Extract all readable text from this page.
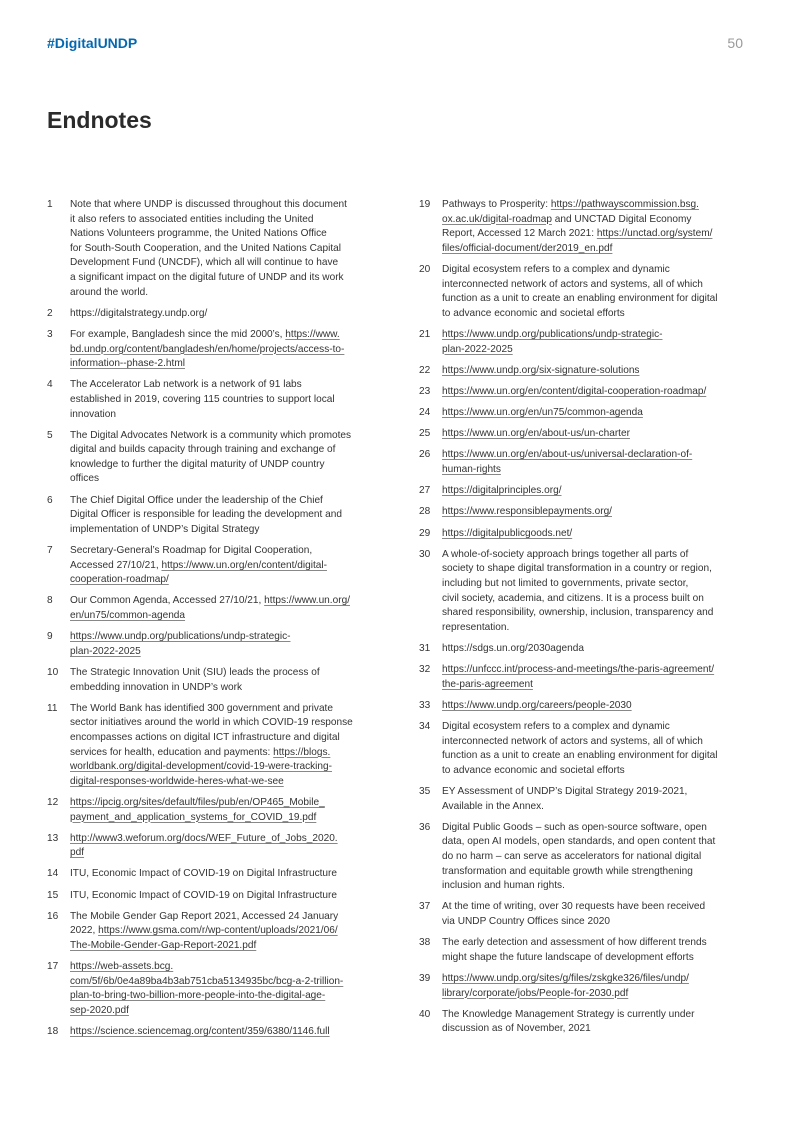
#DigitalUNDP	50
Endnotes
1	Note that where UNDP is discussed throughout this document
it also refers to associated entities including the United
Nations Volunteers programme, the United Nations Office
for South-South Cooperation, and the United Nations Capital
Development Fund (UNCDF), which all will continue to have
a significant impact on the digital future of UNDP and its work
around the world.
2	https://digitalstrategy.undp.org/
3	For example, Bangladesh since the mid 2000’s, https://www.
bd.undp.org/content/bangladesh/en/home/projects/access-to-
information--phase-2.html
4	The Accelerator Lab network is a network of 91 labs
established in 2019, covering 115 countries to support local
innovation
5	The Digital Advocates Network is a community which promotes
digital and builds capacity through training and exchange of
knowledge to further the digital maturity of UNDP country
offices
6	The Chief Digital Office under the leadership of the Chief
Digital Officer is responsible for leading the development and
implementation of UNDP’s Digital Strategy
7	Secretary-General’s Roadmap for Digital Cooperation,
Accessed 27/10/21, https://www.un.org/en/content/digital-
cooperation-roadmap/
8	Our Common Agenda, Accessed 27/10/21, https://www.un.org/
en/un75/common-agenda
9	https://www.undp.org/publications/undp-strategic-
plan-2022-2025
10	The Strategic Innovation Unit (SIU) leads the process of
embedding innovation in UNDP’s work
11	The World Bank has identified 300 government and private
sector initiatives around the world in which COVID-19 response
encompasses actions on digital ICT infrastructure and digital
services for health, education and payments: https://blogs.
worldbank.org/digital-development/covid-19-were-tracking-
digital-responses-worldwide-heres-what-we-see
12	https://ipcig.org/sites/default/files/pub/en/OP465_Mobile_
payment_and_application_systems_for_COVID_19.pdf
13	http://www3.weforum.org/docs/WEF_Future_of_Jobs_2020.
pdf
14	ITU, Economic Impact of COVID-19 on Digital Infrastructure
15	ITU, Economic Impact of COVID-19 on Digital Infrastructure
16	The Mobile Gender Gap Report 2021, Accessed 24 January
2022, https://www.gsma.com/r/wp-content/uploads/2021/06/
The-Mobile-Gender-Gap-Report-2021.pdf
17	https://web-assets.bcg.
com/5f/6b/0e4a89ba4b3ab751cba5134935bc/bcg-a-2-trillion-
plan-to-bring-two-billion-more-people-into-the-digital-age-
sep-2020.pdf
18	https://science.sciencemag.org/content/359/6380/1146.full
19	Pathways to Prosperity: https://pathwayscommission.bsg.
ox.ac.uk/digital-roadmap and UNCTAD Digital Economy
Report, Accessed 12 March 2021: https://unctad.org/system/
files/official-document/der2019_en.pdf
20	Digital ecosystem refers to a complex and dynamic
interconnected network of actors and systems, all of which
function as a unit to create an enabling environment for digital
to advance economic and societal efforts
21	https://www.undp.org/publications/undp-strategic-
plan-2022-2025
22	https://www.undp.org/six-signature-solutions
23	https://www.un.org/en/content/digital-cooperation-roadmap/
24	https://www.un.org/en/un75/common-agenda
25	https://www.un.org/en/about-us/un-charter
26	https://www.un.org/en/about-us/universal-declaration-of-
human-rights
27	https://digitalprinciples.org/
28	https://www.responsiblepayments.org/
29	https://digitalpublicgoods.net/
30	A whole-of-society approach brings together all parts of
society to shape digital transformation in a country or region,
including but not limited to governments, private sector,
civil society, academia, and citizens. It is a process built on
shared responsibility, ownership, inclusion, transparency and
representation.
31	https://sdgs.un.org/2030agenda
32	https://unfccc.int/process-and-meetings/the-paris-agreement/
the-paris-agreement
33	https://www.undp.org/careers/people-2030
34	Digital ecosystem refers to a complex and dynamic
interconnected network of actors and systems, all of which
function as a unit to create an enabling environment for digital
to advance economic and societal efforts
35	EY Assessment of UNDP’s Digital Strategy 2019-2021,
Available in the Annex.
36	Digital Public Goods – such as open-source software, open
data, open AI models, open standards, and open content that
do no harm – can serve as accelerators for national digital
transformation and equitable growth while strengthening
inclusion and human rights.
37	At the time of writing, over 30 requests have been received
via UNDP Country Offices since 2020
38	The early detection and assessment of how different trends
might shape the future landscape of development efforts
39	https://www.undp.org/sites/g/files/zskgke326/files/undp/
library/corporate/jobs/People-for-2030.pdf
40	The Knowledge Management Strategy is currently under
discussion as of November, 2021
